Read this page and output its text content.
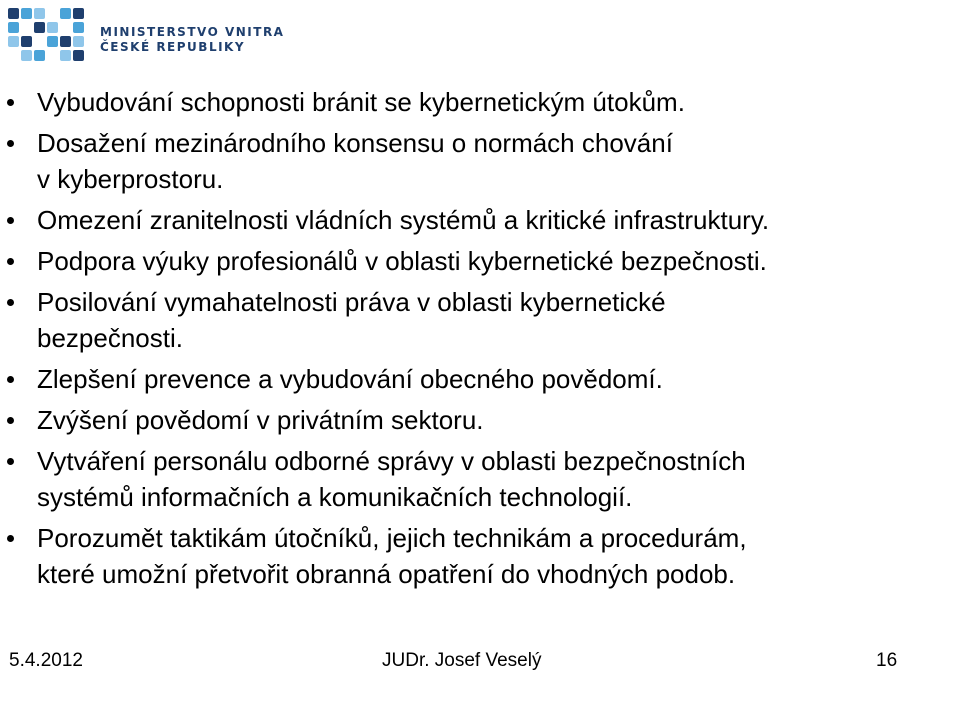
MINISTERSTVO VNITRA
ČESKÉ REPUBLIKY
Vybudování schopnosti bránit se kybernetickým útokům.
Dosažení mezinárodního konsensu o normách chování
v kyberprostoru.
Omezení zranitelnosti vládních systémů a kritické infrastruktury.
Podpora výuky profesionálů v oblasti kybernetické bezpečnosti.
Posilování vymahatelnosti práva v oblasti kybernetické
bezpečnosti.
Zlepšení prevence a vybudování obecného povědomí.
Zvýšení povědomí v privátním sektoru.
Vytváření personálu odborné správy v oblasti bezpečnostních
systémů informačních a komunikačních technologií.
Porozumět taktikám útočníků, jejich technikám a procedurám,
které umožní přetvořit obranná opatření do vhodných podob.
5.4.2012	JUDr. Josef Veselý	16
